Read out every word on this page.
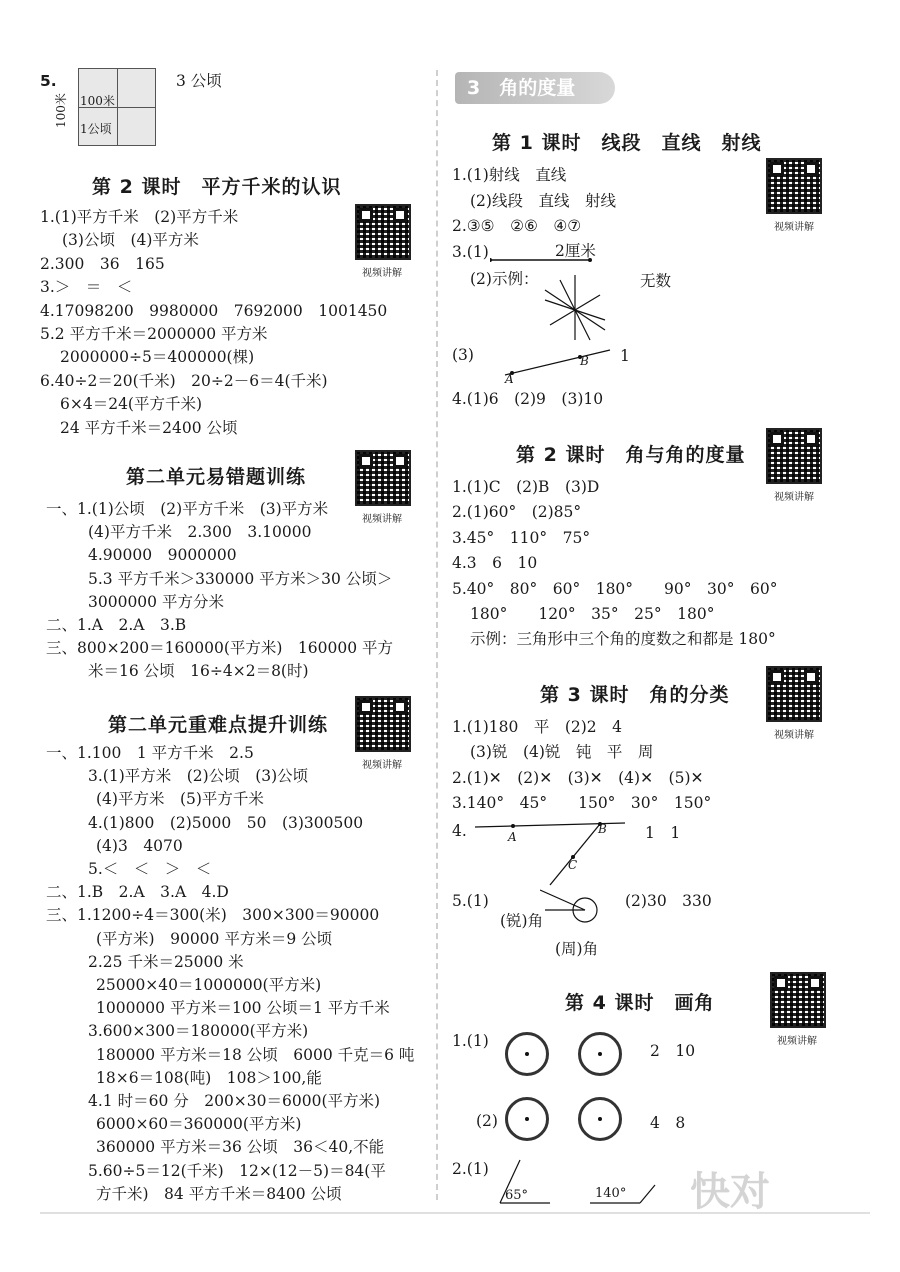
快对
5.
100米
1公顷
100米
3 公顷
第 2 课时　平方千米的认识
视频讲解
1.(1)平方千米　(2)平方千米
(3)公顷　(4)平方米
2.300　36　165
3.＞　＝　＜
4.17098200　9980000　7692000　1001450
5.2 平方千米＝2000000 平方米
2000000÷5＝400000(棵)
6.40÷2＝20(千米)　20÷2－6＝4(千米)
6×4＝24(平方千米)
24 平方千米＝2400 公顷
第二单元易错题训练
视频讲解
一、1.(1)公顷　(2)平方千米　(3)平方米
(4)平方千米　2.300　3.10000
4.90000　9000000
5.3 平方千米＞330000 平方米＞30 公顷＞
3000000 平方分米
二、1.A　2.A　3.B
三、800×200＝160000(平方米)　160000 平方
米＝16 公顷　16÷4×2＝8(时)
第二单元重难点提升训练
视频讲解
一、1.100　1 平方千米　2.5
3.(1)平方米　(2)公顷　(3)公顷
(4)平方米　(5)平方千米
4.(1)800　(2)5000　50　(3)300500
(4)3　4070
5.＜　＜　＞　＜
二、1.B　2.A　3.A　4.D
三、1.1200÷4＝300(米)　300×300＝90000
(平方米)　90000 平方米＝9 公顷
2.25 千米＝25000 米
25000×40＝1000000(平方米)
1000000 平方米＝100 公顷＝1 平方千米
3.600×300＝180000(平方米)
180000 平方米＝18 公顷　6000 千克＝6 吨
18×6＝108(吨)　108＞100,能
4.1 时＝60 分　200×30＝6000(平方米)
6000×60＝360000(平方米)
360000 平方米＝36 公顷　36＜40,不能
5.60÷5＝12(千米)　12×(12－5)＝84(平
方千米)　84 平方千米＝8400 公顷
3　角的度量
第 1 课时　线段　直线　射线
视频讲解
1.(1)射线　直线
(2)线段　直线　射线
2.③⑤　②⑥　④⑦
3.(1)
(2)示例：
(3)
4.(1)6　(2)9　(3)10
2厘米
无数
A
B 1
第 2 课时　角与角的度量
视频讲解
1.(1)C　(2)B　(3)D
2.(1)60°　(2)85°
3.45°　110°　75°
4.3　6　10
5.40°　80°　60°　180°　　90°　30°　60°
180°　　120°　35°　25°　180°
示例：三角形中三个角的度数之和都是 180°
第 3 课时　角的分类
视频讲解
1.(1)180　平　(2)2　4
(3)锐　(4)锐　钝　平　周
2.(1)✕　(2)✕　(3)✕　(4)✕　(5)✕
3.140°　45°　　150°　30°　150°
4.
5.(1)	(2)30　330
A
B
C
1　1
(锐)角
(周)角
第 4 课时　画角
视频讲解
1.(1)
(2)
2.(1)
2　10
4　8
65°	140°
